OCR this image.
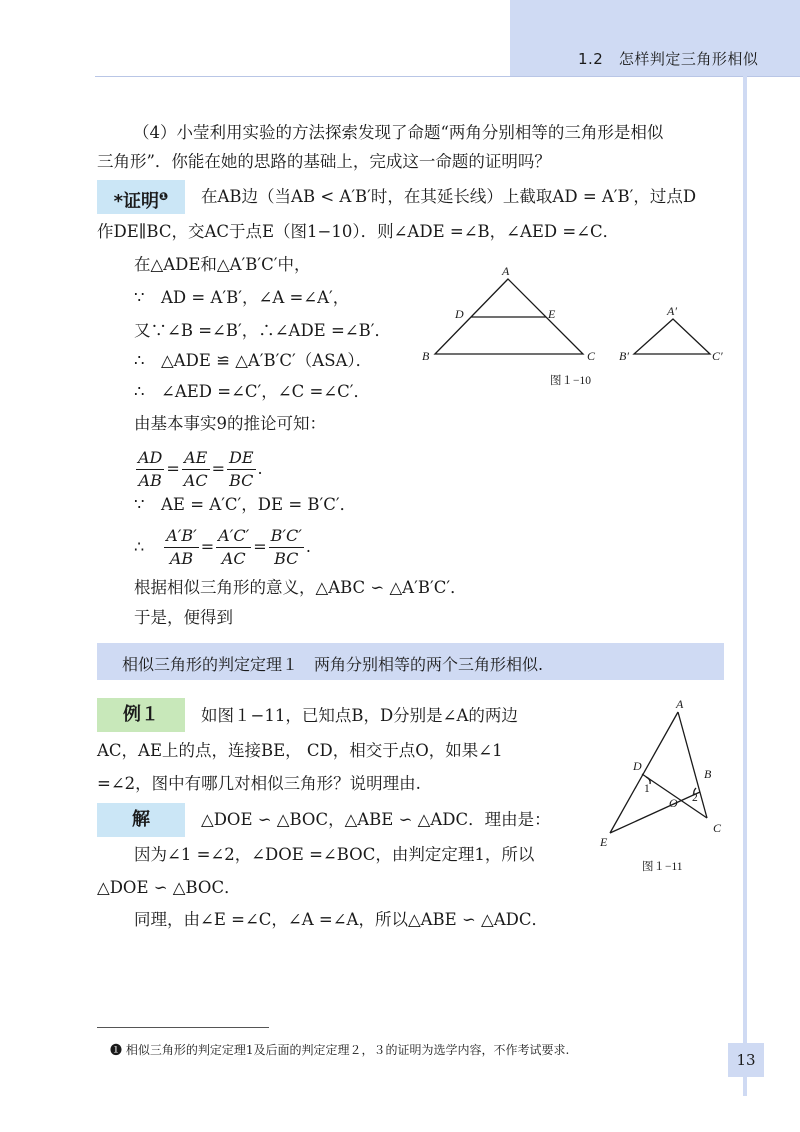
1.2　怎样判定三角形相似
（4）小莹利用实验的方法探索发现了命题“两角分别相等的三角形是相似
三角形”．你能在她的思路的基础上，完成这一命题的证明吗？
*证明$^❶$	在AB边（当AB < A′B′时，在其延长线）上截取AD = A′B′，过点D
作DE∥BC，交AC于点E（图1−10）．则∠ADE =∠B，∠AED =∠C．
在△ADE和△A′B′C′中，
∵　AD = A′B′，∠A =∠A′，
又∵∠B =∠B′，∴∠ADE =∠B′．
∴　△ADE ≌ △A′B′C′（ASA）．
∴　∠AED =∠C′，∠C =∠C′．
由基本事实9的推论可知：
$\frac{AD}{AB} = \frac{AE}{AC} = \frac{DE}{BC}$ .
∵　AE = A′C′，DE = B′C′．
∴ $\frac{A'B'}{AB} = \frac{A'C'}{AC} = \frac{B'C'}{BC}$ .
根据相似三角形的意义，△ABC ∽ △A′B′C′．
于是，便得到
A
B	C
D	E	A′
B′	C′
图１−10
相似三角形的判定定理１　两角分别相等的两个三角形相似.
例１	如图１−11，已知点B，D分别是∠A的两边
AC，AE上的点，连接BE， CD，相交于点O，如果∠1
=∠2，图中有哪几对相似三角形？说明理由.
解	△DOE ∽ △BOC，△ABE ∽ △ADC．理由是：
因为∠1 =∠2，∠DOE =∠BOC，由判定定理1，所以
△DOE ∽ △BOC．
同理，由∠E =∠C，∠A =∠A，所以△ABE ∽ △ADC．
A
B
C
D
E
O
1
2
图１−11
❶ 相似三角形的判定定理1及后面的判定定理２，３的证明为选学内容，不作考试要求.
13
